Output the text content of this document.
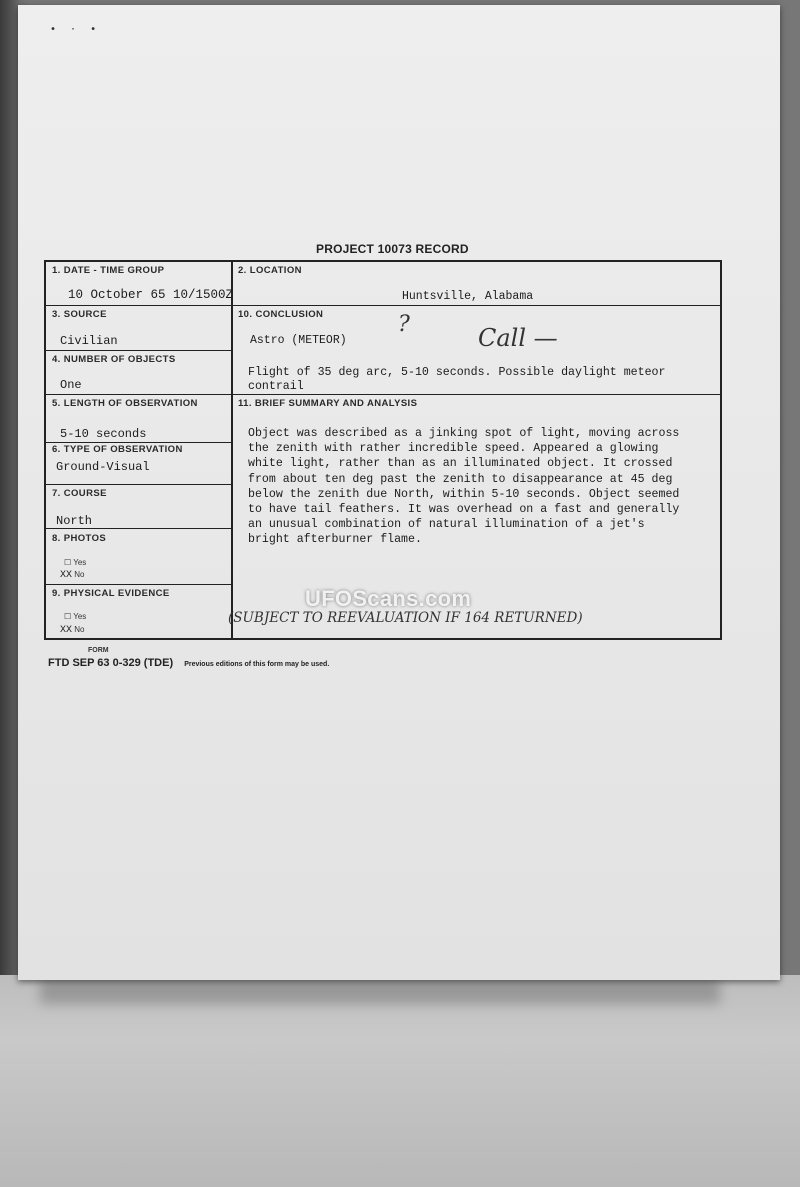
• · •
PROJECT 10073 RECORD
1. DATE - TIME GROUP
10 October 65 10/1500Z
2. LOCATION
Huntsville, Alabama
3. SOURCE
Civilian
10. CONCLUSION
Astro (METEOR)
?	Call —
Flight of 35 deg arc, 5-10 seconds. Possible daylight meteor
contrail
4. NUMBER OF OBJECTS
One
5. LENGTH OF OBSERVATION
5-10 seconds
11. BRIEF SUMMARY AND ANALYSIS
6. TYPE OF OBSERVATION
Ground-Visual
7. COURSE
North
8. PHOTOS
☐ Yes
XX No
9. PHYSICAL EVIDENCE
☐ Yes
XX No
Object was described as a jinking spot of light, moving across
the zenith with rather incredible speed. Appeared a glowing
white light, rather than as an illuminated object. It crossed
from about ten deg past the zenith to disappearance at 45 deg
below the zenith due North, within 5-10 seconds. Object seemed
to have tail feathers. It was overhead on a fast and generally
an unusual combination of natural illumination of a jet's
bright afterburner flame.
(SUBJECT TO REEVALUATION IF 164 RETURNED)
UFOScans.com
FORM
FTD SEP 63 0-329 (TDE) Previous editions of this form may be used.
